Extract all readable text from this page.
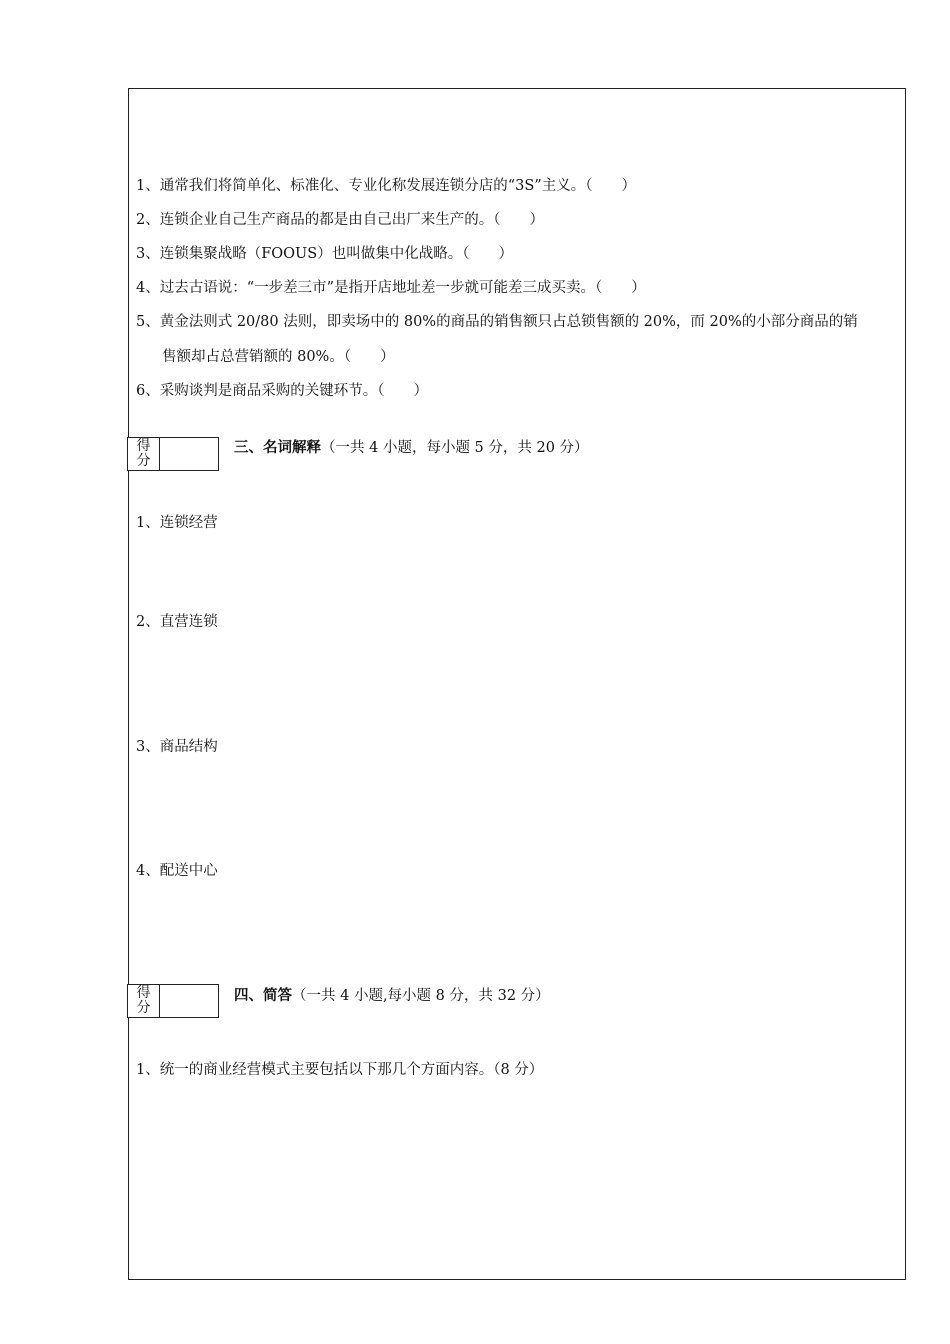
1、通常我们将简单化、标准化、专业化称发展连锁分店的“3S”主义。（　　）
2、连锁企业自己生产商品的都是由自己出厂来生产的。（　　）
3、连锁集聚战略（FOOUS）也叫做集中化战略。（　　）
4、过去古语说：“一步差三市”是指开店地址差一步就可能差三成买卖。（　　）
5、黄金法则式 20/80 法则，即卖场中的 80%的商品的销售额只占总锁售额的 20%，而 20%的小部分商品的销
售额却占总营销额的 80%。（　　）
6、采购谈判是商品采购的关键环节。（　　）
得
分
三、名词解释（一共 4 小题，每小题 5 分，共 20 分）
1、连锁经营
2、直营连锁
3、商品结构
4、配送中心
得
分
四、简答（一共 4 小题,每小题 8 分，共 32 分）
1、统一的商业经营模式主要包括以下那几个方面内容。（8 分）
